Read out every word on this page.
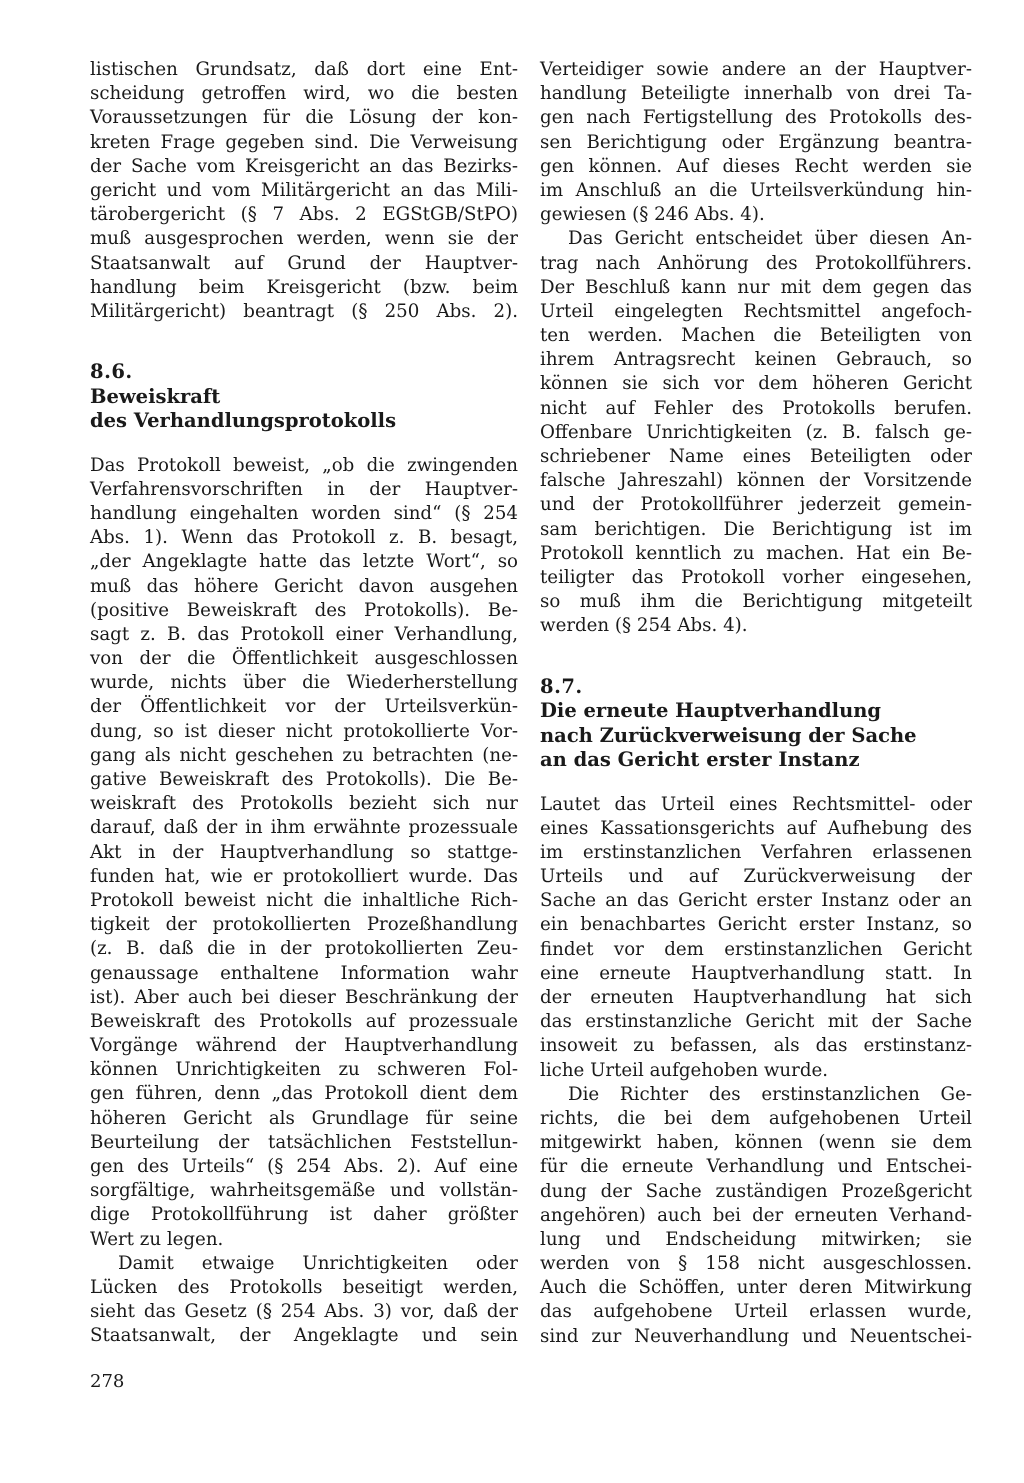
listischen Grundsatz, daß dort eine Ent-
scheidung getroffen wird, wo die besten
Voraussetzungen für die Lösung der kon-
kreten Frage gegeben sind. Die Verweisung
der Sache vom Kreisgericht an das Bezirks-
gericht und vom Militärgericht an das Mili-
tärobergericht (§ 7 Abs. 2 EGStGB/StPO)
muß ausgesprochen werden, wenn sie der
Staatsanwalt auf Grund der Hauptver-
handlung beim Kreisgericht (bzw. beim
Militärgericht) beantragt (§ 250 Abs. 2).
8.6.
Beweiskraft
des Verhandlungsprotokolls
Das Protokoll beweist, „ob die zwingenden
Verfahrensvorschriften in der Hauptver-
handlung eingehalten worden sind“ (§ 254
Abs. 1). Wenn das Protokoll z. B. besagt,
„der Angeklagte hatte das letzte Wort“, so
muß das höhere Gericht davon ausgehen
(positive Beweiskraft des Protokolls). Be-
sagt z. B. das Protokoll einer Verhandlung,
von der die Öffentlichkeit ausgeschlossen
wurde, nichts über die Wiederherstellung
der Öffentlichkeit vor der Urteilsverkün-
dung, so ist dieser nicht protokollierte Vor-
gang als nicht geschehen zu betrachten (ne-
gative Beweiskraft des Protokolls). Die Be-
weiskraft des Protokolls bezieht sich nur
darauf, daß der in ihm erwähnte prozessuale
Akt in der Hauptverhandlung so stattge-
funden hat, wie er protokolliert wurde. Das
Protokoll beweist nicht die inhaltliche Rich-
tigkeit der protokollierten Prozeßhandlung
(z. B. daß die in der protokollierten Zeu-
genaussage enthaltene Information wahr
ist). Aber auch bei dieser Beschränkung der
Beweiskraft des Protokolls auf prozessuale
Vorgänge während der Hauptverhandlung
können Unrichtigkeiten zu schweren Fol-
gen führen, denn „das Protokoll dient dem
höheren Gericht als Grundlage für seine
Beurteilung der tatsächlichen Feststellun-
gen des Urteils“ (§ 254 Abs. 2). Auf eine
sorgfältige, wahrheitsgemäße und vollstän-
dige Protokollführung ist daher größter
Wert zu legen.
Damit etwaige Unrichtigkeiten oder
Lücken des Protokolls beseitigt werden,
sieht das Gesetz (§ 254 Abs. 3) vor, daß der
Staatsanwalt, der Angeklagte und sein
Verteidiger sowie andere an der Hauptver-
handlung Beteiligte innerhalb von drei Ta-
gen nach Fertigstellung des Protokolls des-
sen Berichtigung oder Ergänzung beantra-
gen können. Auf dieses Recht werden sie
im Anschluß an die Urteilsverkündung hin-
gewiesen (§ 246 Abs. 4).
Das Gericht entscheidet über diesen An-
trag nach Anhörung des Protokollführers.
Der Beschluß kann nur mit dem gegen das
Urteil eingelegten Rechtsmittel angefoch-
ten werden. Machen die Beteiligten von
ihrem Antragsrecht keinen Gebrauch, so
können sie sich vor dem höheren Gericht
nicht auf Fehler des Protokolls berufen.
Offenbare Unrichtigkeiten (z. B. falsch ge-
schriebener Name eines Beteiligten oder
falsche Jahreszahl) können der Vorsitzende
und der Protokollführer jederzeit gemein-
sam berichtigen. Die Berichtigung ist im
Protokoll kenntlich zu machen. Hat ein Be-
teiligter das Protokoll vorher eingesehen,
so muß ihm die Berichtigung mitgeteilt
werden (§ 254 Abs. 4).
8.7.
Die erneute Hauptverhandlung
nach Zurückverweisung der Sache
an das Gericht erster Instanz
Lautet das Urteil eines Rechtsmittel- oder
eines Kassationsgerichts auf Aufhebung des
im erstinstanzlichen Verfahren erlassenen
Urteils und auf Zurückverweisung der
Sache an das Gericht erster Instanz oder an
ein benachbartes Gericht erster Instanz, so
findet vor dem erstinstanzlichen Gericht
eine erneute Hauptverhandlung statt. In
der erneuten Hauptverhandlung hat sich
das erstinstanzliche Gericht mit der Sache
insoweit zu befassen, als das erstinstanz-
liche Urteil aufgehoben wurde.
Die Richter des erstinstanzlichen Ge-
richts, die bei dem aufgehobenen Urteil
mitgewirkt haben, können (wenn sie dem
für die erneute Verhandlung und Entschei-
dung der Sache zuständigen Prozeßgericht
angehören) auch bei der erneuten Verhand-
lung und Endscheidung mitwirken; sie
werden von § 158 nicht ausgeschlossen.
Auch die Schöffen, unter deren Mitwirkung
das aufgehobene Urteil erlassen wurde,
sind zur Neuverhandlung und Neuentschei-
278
